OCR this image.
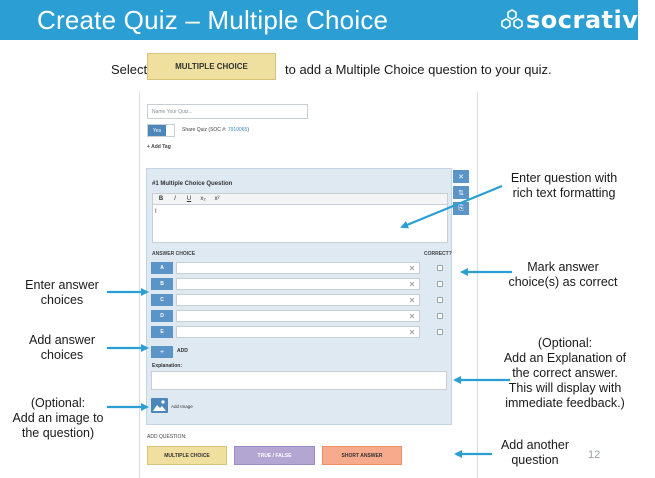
Create Quiz – Multiple Choice	socrative
Select	MULTIPLE CHOICE	to add a Multiple Choice question to your quiz.
Name Your Quiz...
Yes	Share Quiz (SOC #: 7910065)
+ Add Tag
✕
⇅
⎘
#1 Multiple Choice Question
B	I	U	x₂	x²
I
ANSWER CHOICE	CORRECT?
A	✕
B	✕
C	✕
D	✕
E	✕
+	ADD
Explanation:
Add Image
ADD QUESTION:
MULTIPLE CHOICE	TRUE / FALSE	SHORT ANSWER
Enter question with
rich text formatting
Mark answer
choice(s) as correct
Enter answer
choices
Add answer
choices
(Optional:
Add an Explanation of
the correct answer.
This will display with
immediate feedback.)
(Optional:
Add an image to
the question)
Add another
question	12
